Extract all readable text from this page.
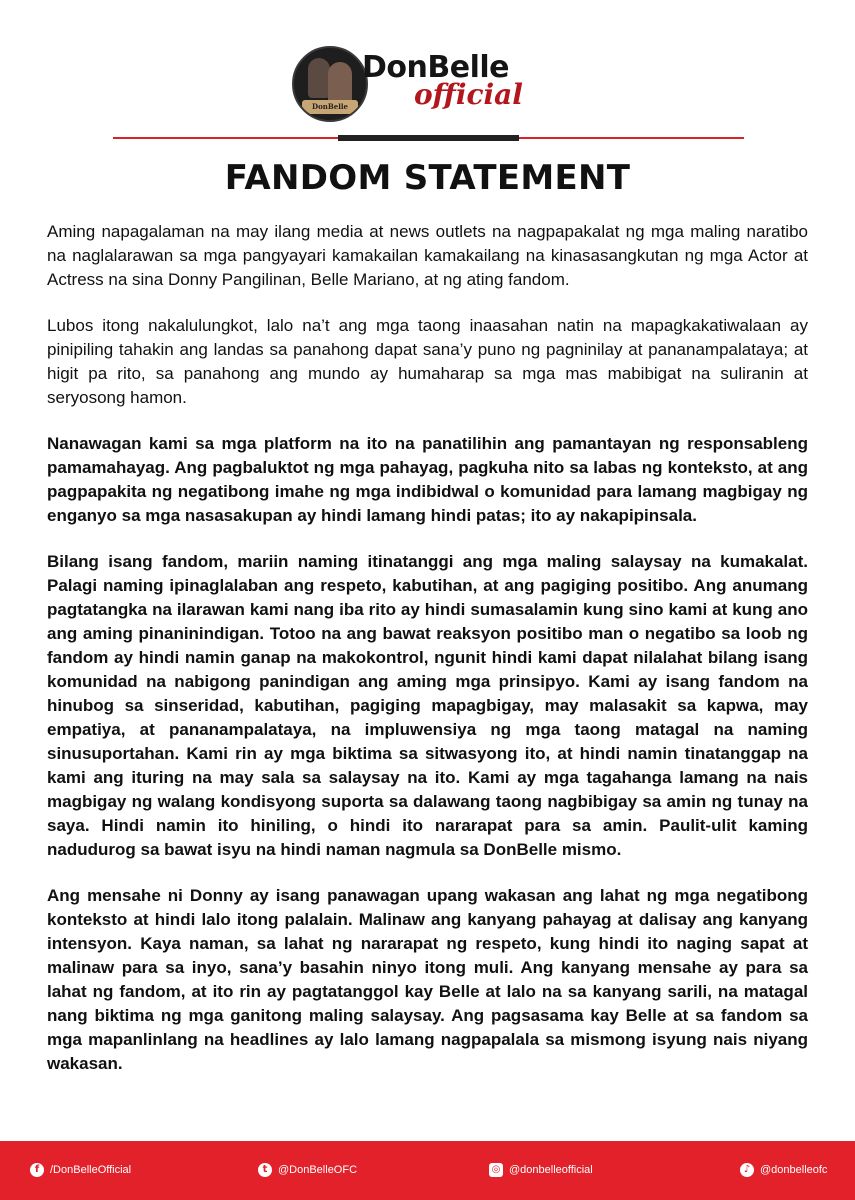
DonBelle
DonBelle
official
FANDOM STATEMENT

Aming napagalaman na may ilang media at news outlets na nagpapakalat ng mga maling naratibo na naglalarawan sa mga pangyayari kamakailan kamakailang na kinasasangkutan ng mga Actor at Actress na sina Donny Pangilinan, Belle Mariano, at ng ating fandom.

Lubos itong nakalulungkot, lalo na’t ang mga taong inaasahan natin na mapagkakatiwalaan ay pinipiling tahakin ang landas sa panahong dapat sana’y puno ng pagninilay at pananampalataya; at higit pa rito, sa panahong ang mundo ay humaharap sa mga mas mabibigat na suliranin at seryosong hamon.

Nanawagan kami sa mga platform na ito na panatilihin ang pamantayan ng responsableng pamamahayag. Ang pagbaluktot ng mga pahayag, pagkuha nito sa labas ng konteksto, at ang pagpapakita ng negatibong imahe ng mga indibidwal o komunidad para lamang magbigay ng enganyo sa mga nasasakupan ay hindi lamang hindi patas; ito ay nakapipinsala.

Bilang isang fandom, mariin naming itinatanggi ang mga maling salaysay na kumakalat. Palagi naming ipinaglalaban ang respeto, kabutihan, at ang pagiging positibo. Ang anumang pagtatangka na ilarawan kami nang iba rito ay hindi sumasalamin kung sino kami at kung ano ang aming pinaninindigan. Totoo na ang bawat reaksyon positibo man o negatibo sa loob ng fandom ay hindi namin ganap na makokontrol, ngunit hindi kami dapat nilalahat bilang isang komunidad na nabigong panindigan ang aming mga prinsipyo. Kami ay isang fandom na hinubog sa sinseridad, kabutihan, pagiging mapagbigay, may malasakit sa kapwa, may empatiya, at pananampalataya, na impluwensiya ng mga taong matagal na naming sinusuportahan. Kami rin ay mga biktima sa sitwasyong ito, at hindi namin tinatanggap na kami ang ituring na may sala sa salaysay na ito. Kami ay mga tagahanga lamang na nais magbigay ng walang kondisyong suporta sa dalawang taong nagbibigay sa amin ng tunay na saya. Hindi namin ito hiniling, o hindi ito nararapat para sa amin. Paulit-ulit kaming nadudurog sa bawat isyu na hindi naman nagmula sa DonBelle mismo.

Ang mensahe ni Donny ay isang panawagan upang wakasan ang lahat ng mga negatibong konteksto at hindi lalo itong palalain. Malinaw ang kanyang pahayag at dalisay ang kanyang intensyon. Kaya naman, sa lahat ng nararapat ng respeto, kung hindi ito naging sapat at malinaw para sa inyo, sana’y basahin ninyo itong muli. Ang kanyang mensahe ay para sa lahat ng fandom, at ito rin ay pagtatanggol kay Belle at lalo na sa kanyang sarili, na matagal nang biktima ng mga ganitong maling salaysay. Ang pagsasama kay Belle at sa fandom sa mga mapanlinlang na headlines ay lalo lamang nagpapalala sa mismong isyung nais niyang wakasan.

f /DonBelleOfficial	t @DonBelleOFC	◎ @donbelleofficial	♪ @donbelleofc
